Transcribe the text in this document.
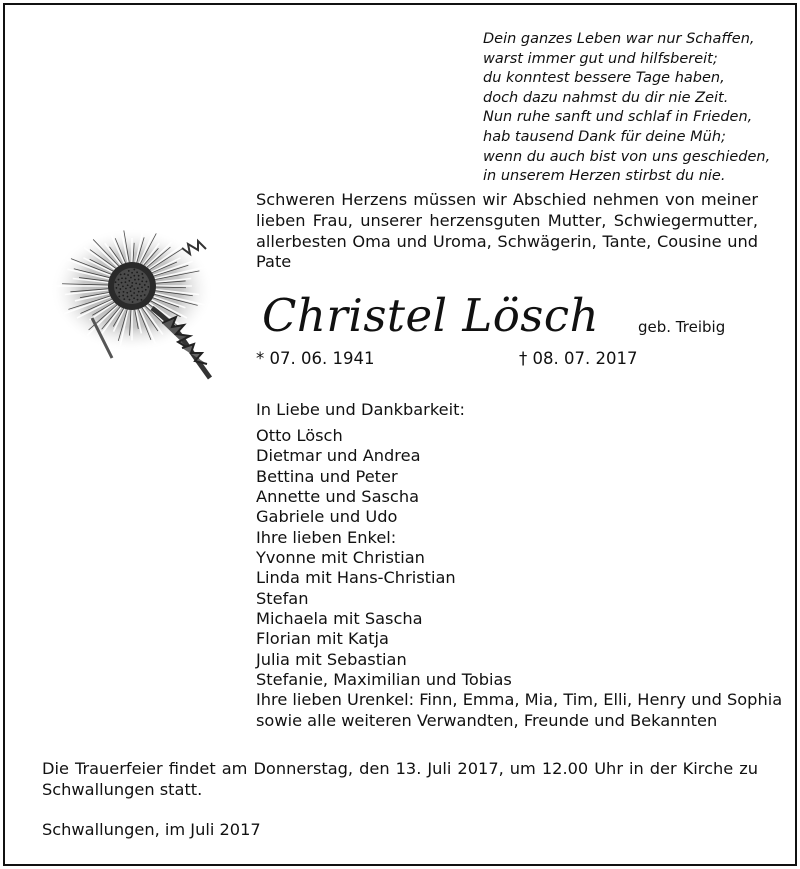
Dein ganzes Leben war nur Schaffen,
warst immer gut und hilfsbereit;
du konntest bessere Tage haben,
doch dazu nahmst du dir nie Zeit.
Nun ruhe sanft und schlaf in Frieden,
hab tausend Dank für deine Müh;
wenn du auch bist von uns geschieden,
in unserem Herzen stirbst du nie.
Schweren Herzens müssen wir Abschied nehmen von meiner lieben Frau, unserer herzensguten Mutter, Schwiegermutter, allerbesten Oma und Uroma, Schwägerin, Tante, Cousine und Pate
Christel Lösch	geb. Treibig
* 07. 06. 1941	† 08. 07. 2017
In Liebe und Dankbarkeit:
Otto Lösch
Dietmar und Andrea
Bettina und Peter
Annette und Sascha
Gabriele und Udo
Ihre lieben Enkel:
Yvonne mit Christian
Linda mit Hans-Christian
Stefan
Michaela mit Sascha
Florian mit Katja
Julia mit Sebastian
Stefanie, Maximilian und Tobias
Ihre lieben Urenkel: Finn, Emma, Mia, Tim, Elli, Henry und Sophia
sowie alle weiteren Verwandten, Freunde und Bekannten
Die Trauerfeier findet am Donnerstag, den 13. Juli 2017, um 12.00 Uhr in der Kirche zu Schwallungen statt.
Schwallungen, im Juli 2017
